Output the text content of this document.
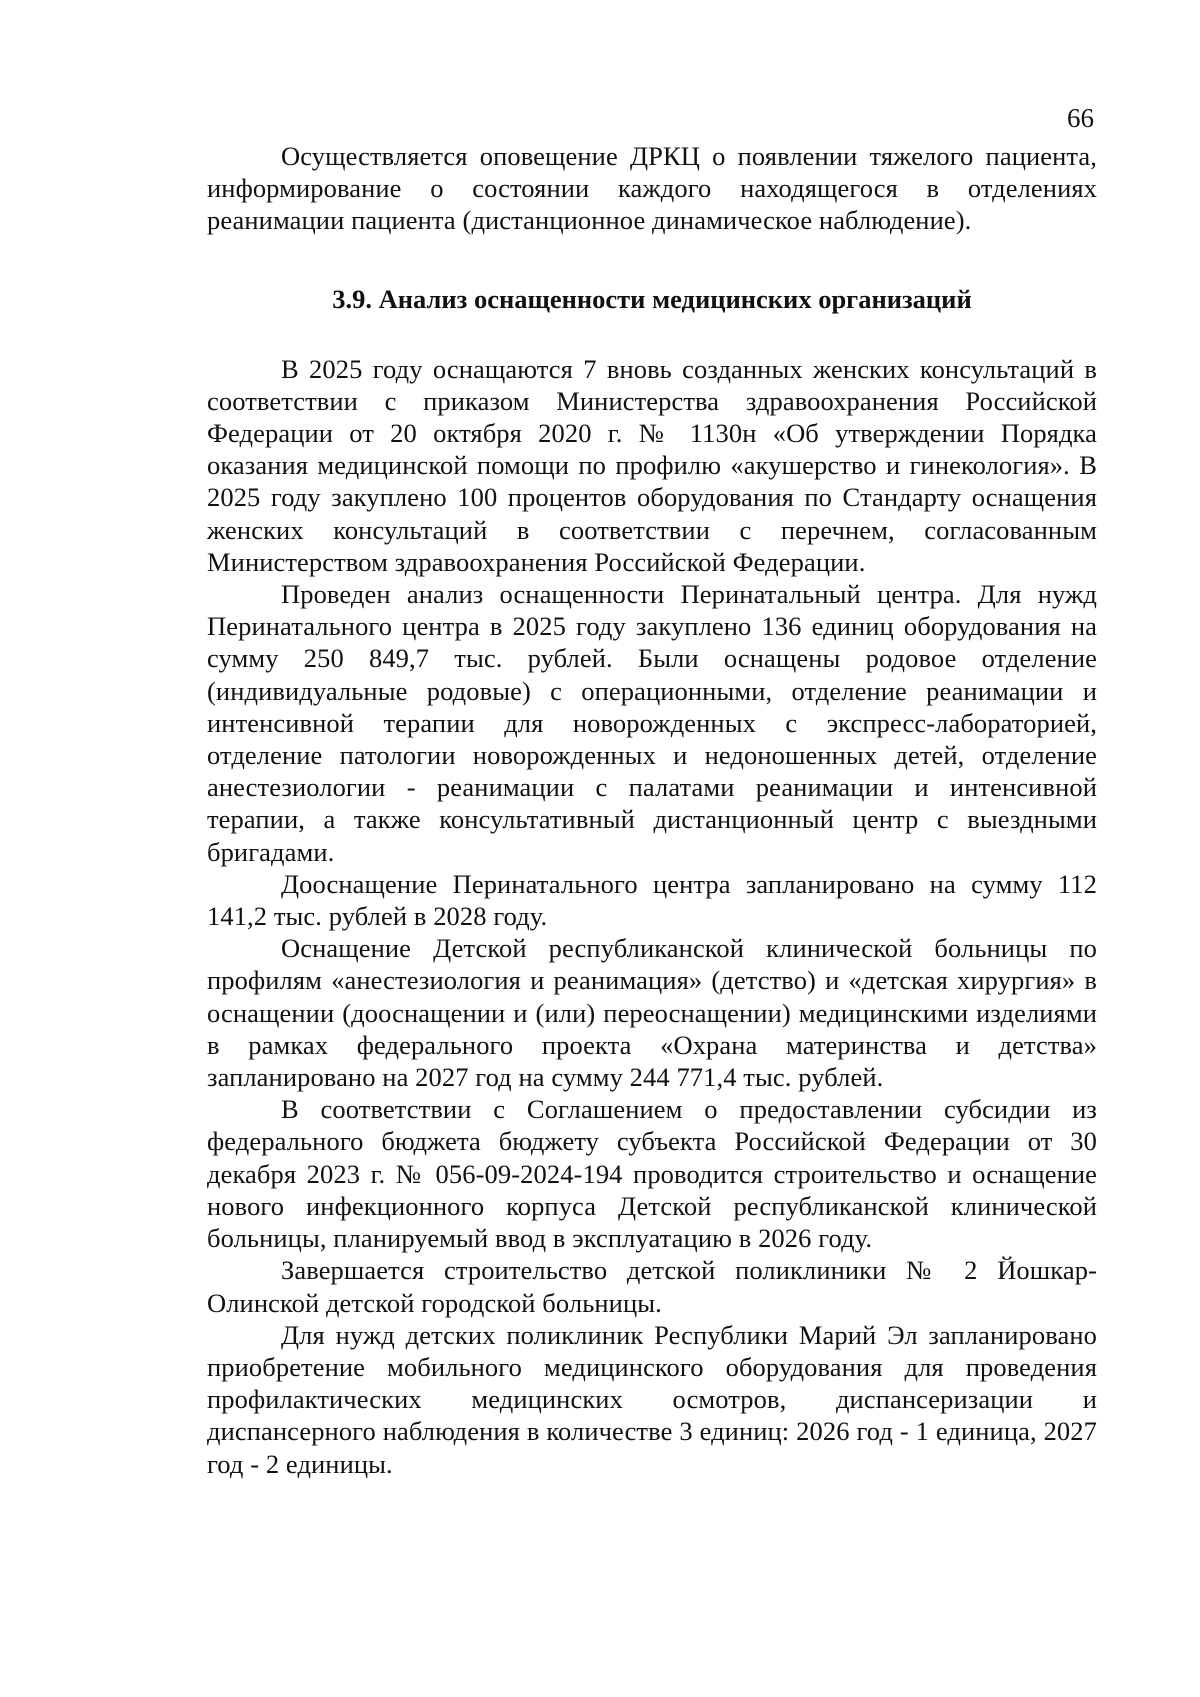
66

Осуществляется оповещение ДРКЦ о появлении тяжелого пациента, информирование о состоянии каждого находящегося в отделениях реанимации пациента (дистанционное динамическое наблюдение).

3.9. Анализ оснащенности медицинских организаций

В 2025 году оснащаются 7 вновь созданных женских консультаций в соответствии с приказом Министерства здравоохранения Российской Федерации от 20 октября 2020 г. № 1130н «Об утверждении Порядка оказания медицинской помощи по профилю «акушерство и гинекология». В 2025 году закуплено 100 процентов оборудования по Стандарту оснащения женских консультаций в соответствии с перечнем, согласованным Министерством здравоохранения Российской Федерации.

Проведен анализ оснащенности Перинатальный центра. Для нужд Перинатального центра в 2025 году закуплено 136 единиц оборудования на сумму 250 849,7 тыс. рублей. Были оснащены родовое отделение (индивидуальные родовые) с операционными, отделение реанимации и интенсивной терапии для новорожденных с экспресс-лабораторией, отделение патологии новорожденных и недоношенных детей, отделение анестезиологии - реанимации с палатами реанимации и интенсивной терапии, а также консультативный дистанционный центр с выездными бригадами.

Дооснащение Перинатального центра запланировано на сумму 112 141,2 тыс. рублей в 2028 году.

Оснащение Детской республиканской клинической больницы по профилям «анестезиология и реанимация» (детство) и «детская хирургия» в оснащении (дооснащении и (или) переоснащении) медицинскими изделиями в рамках федерального проекта «Охрана материнства и детства» запланировано на 2027 год на сумму 244 771,4 тыс. рублей.

В соответствии с Соглашением о предоставлении субсидии из федерального бюджета бюджету субъекта Российской Федерации от 30 декабря 2023 г. № 056-09-2024-194 проводится строительство и оснащение нового инфекционного корпуса Детской республиканской клинической больницы, планируемый ввод в эксплуатацию в 2026 году.

Завершается строительство детской поликлиники № 2 Йошкар-Олинской детской городской больницы.

Для нужд детских поликлиник Республики Марий Эл запланировано приобретение мобильного медицинского оборудования для проведения профилактических медицинских осмотров, диспансеризации и диспансерного наблюдения в количестве 3 единиц: 2026 год - 1 единица, 2027 год - 2 единицы.
